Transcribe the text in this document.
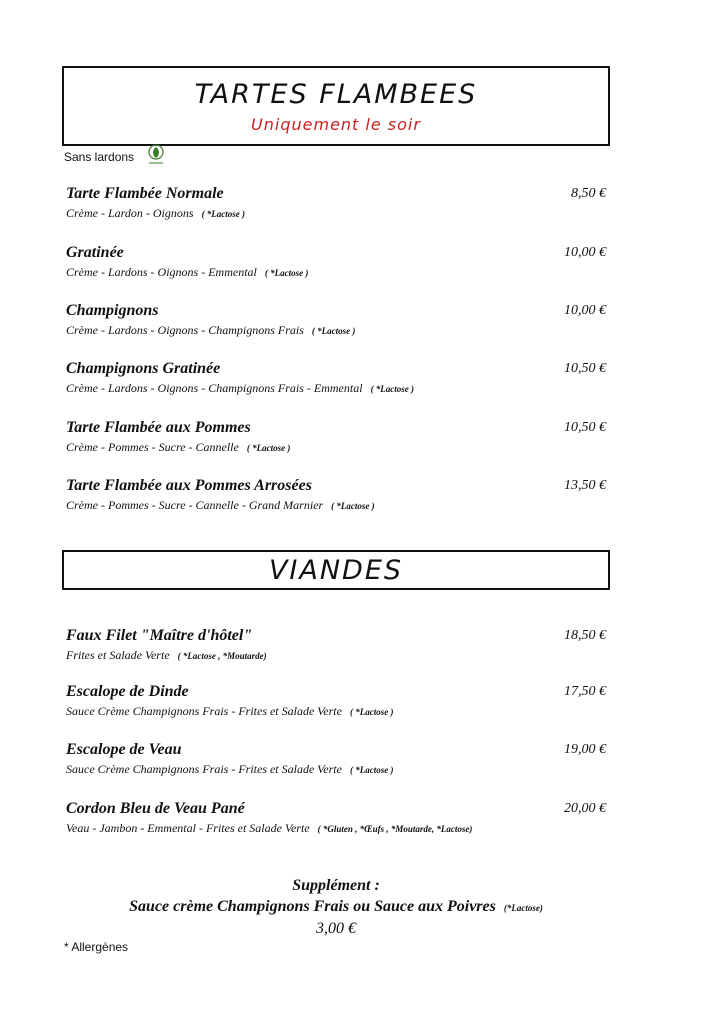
TARTES FLAMBEES
Uniquement le soir
Sans lardons
Tarte Flambée Normale	8,50 €
Crème - Lardon - Oignons ( *Lactose )
Gratinée	10,00 €
Crème - Lardons - Oignons - Emmental ( *Lactose )
Champignons	10,00 €
Crème - Lardons - Oignons - Champignons Frais ( *Lactose )
Champignons Gratinée	10,50 €
Crème - Lardons - Oignons - Champignons Frais - Emmental ( *Lactose )
Tarte Flambée aux Pommes	10,50 €
Crème - Pommes - Sucre - Cannelle ( *Lactose )
Tarte Flambée aux Pommes Arrosées	13,50 €
Crème - Pommes - Sucre - Cannelle - Grand Marnier ( *Lactose )
VIANDES
Faux Filet "Maître d'hôtel"	18,50 €
Frites et Salade Verte ( *Lactose , *Moutarde)
Escalope de Dinde	17,50 €
Sauce Crème Champignons Frais - Frites et Salade Verte ( *Lactose )
Escalope de Veau	19,00 €
Sauce Crème Champignons Frais - Frites et Salade Verte ( *Lactose )
Cordon Bleu de Veau Pané	20,00 €
Veau - Jambon - Emmental - Frites et Salade Verte ( *Gluten , *Œufs , *Moutarde, *Lactose)
Supplément :
Sauce crème Champignons Frais ou Sauce aux Poivres (*Lactose)
3,00 €
* Allergènes
